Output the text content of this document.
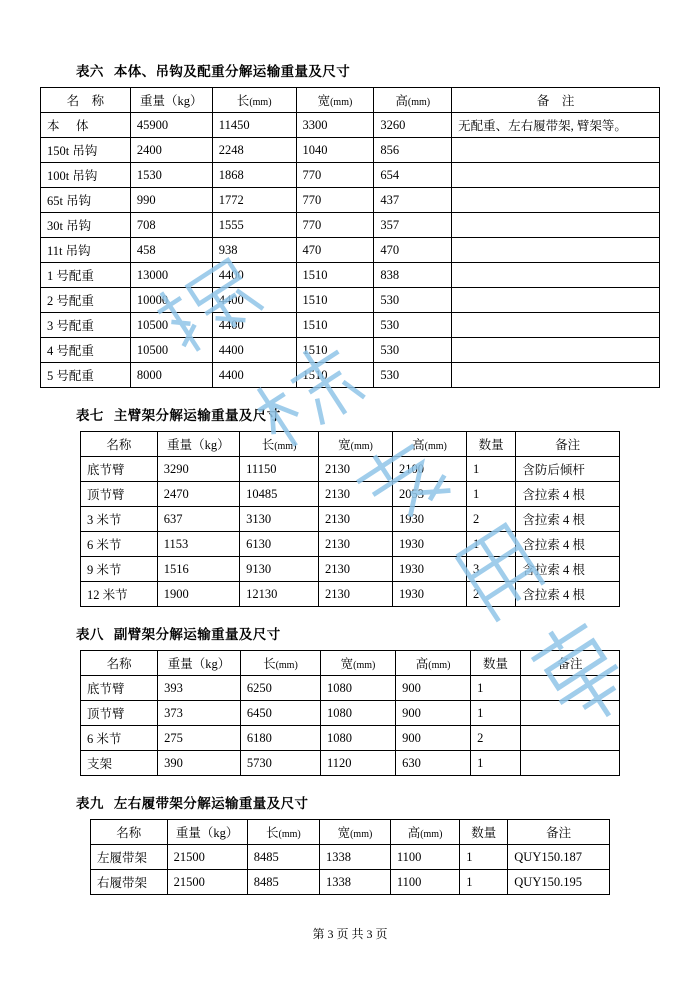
表六 本体、吊钩及配重分解运输重量及尺寸
名　称	重量（kg）	长(mm)	宽(mm)	高(mm)	备　注
本　体	45900	11450	3300	3260	无配重、左右履带架, 臂架等。
150t 吊钩	2400	2248	1040	856	
100t 吊钩	1530	1868	770	654	
65t 吊钩	990	1772	770	437	
30t 吊钩	708	1555	770	357	
11t 吊钩	458	938	470	470	
1 号配重	13000	4400	1510	838	
2 号配重	10000	4400	1510	530	
3 号配重	10500	4400	1510	530	
4 号配重	10500	4400	1510	530	
5 号配重	8000	4400	1510	530	
表七 主臂架分解运输重量及尺寸
名称	重量（kg）	长(mm)	宽(mm)	高(mm)	数量	备注
底节臂	3290	11150	2130	2100	1	含防后倾杆
顶节臂	2470	10485	2130	2053	1	含拉索 4 根
3 米节	637	3130	2130	1930	2	含拉索 4 根
6 米节	1153	6130	2130	1930	1	含拉索 4 根
9 米节	1516	9130	2130	1930	3	含拉索 4 根
12 米节	1900	12130	2130	1930	2	含拉索 4 根
表八 副臂架分解运输重量及尺寸
名称	重量（kg）	长(mm)	宽(mm)	高(mm)	数量	备注
底节臂	393	6250	1080	900	1	
顶节臂	373	6450	1080	900	1	
6 米节	275	6180	1080	900	2	
支架	390	5730	1120	630	1	
表九 左右履带架分解运输重量及尺寸
名称	重量（kg）	长(mm)	宽(mm)	高(mm)	数量	备注
左履带架	21500	8485	1338	1100	1	QUY150.187
右履带架	21500	8485	1338	1100	1	QUY150.195
第 3 页 共 3 页
